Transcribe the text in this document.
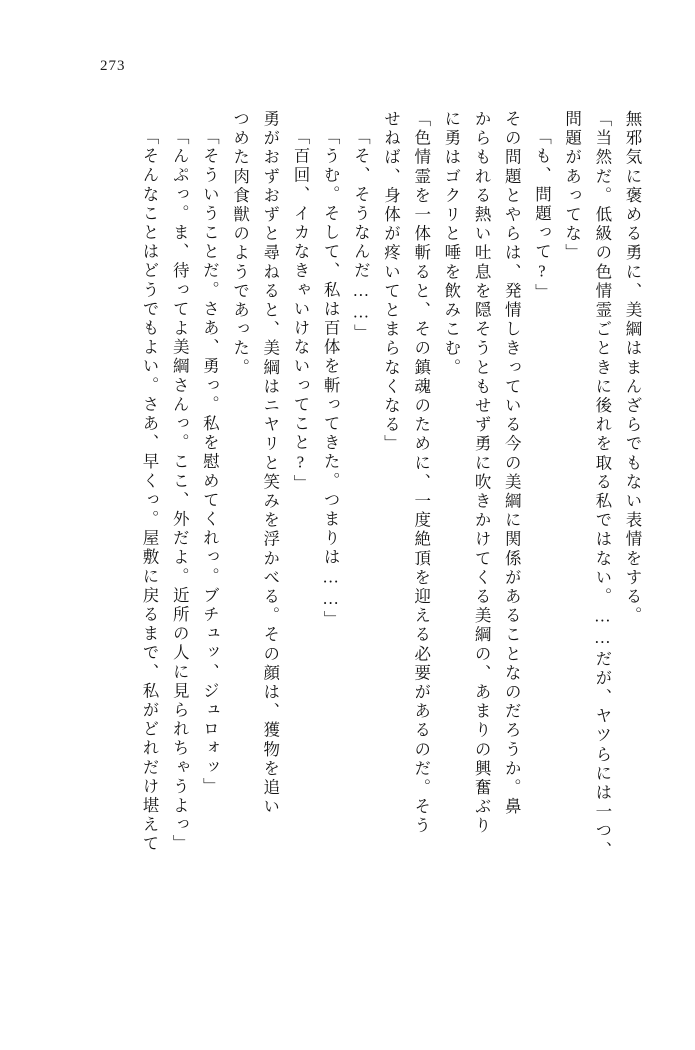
273
無邪気に褒める勇に、美綱はまんざらでもない表情をする。
「当然だ。低級の色情霊ごときに後れを取る私ではない。……だが、ヤツらには一つ、
問題があってな」
「も、問題って?」
その問題とやらは、発情しきっている今の美綱に関係があることなのだろうか。鼻
からもれる熱い吐息を隠そうともせず勇に吹きかけてくる美綱の、あまりの興奮ぶり
に勇はゴクリと唾を飲みこむ。
「色情霊を一体斬ると、その鎮魂のために、一度絶頂を迎える必要があるのだ。そう
せねば、身体が疼いてとまらなくなる」
「そ、そうなんだ……」
「うむ。そして、私は百体を斬ってきた。つまりは……」
「百回、イカなきゃいけないってこと?」
勇がおずおずと尋ねると、美綱はニヤリと笑みを浮かべる。その顔は、獲物を追い
つめた肉食獣のようであった。
「そういうことだ。さあ、勇っ。私を慰めてくれっ。ブチュッ、ジュロォッ」
「んぷっ。ま、待ってよ美綱さんっ。ここ、外だよ。近所の人に見られちゃうよっ」
「そんなことはどうでもよい。さあ、早くっ。屋敷に戻るまで、私がどれだけ堪えて
